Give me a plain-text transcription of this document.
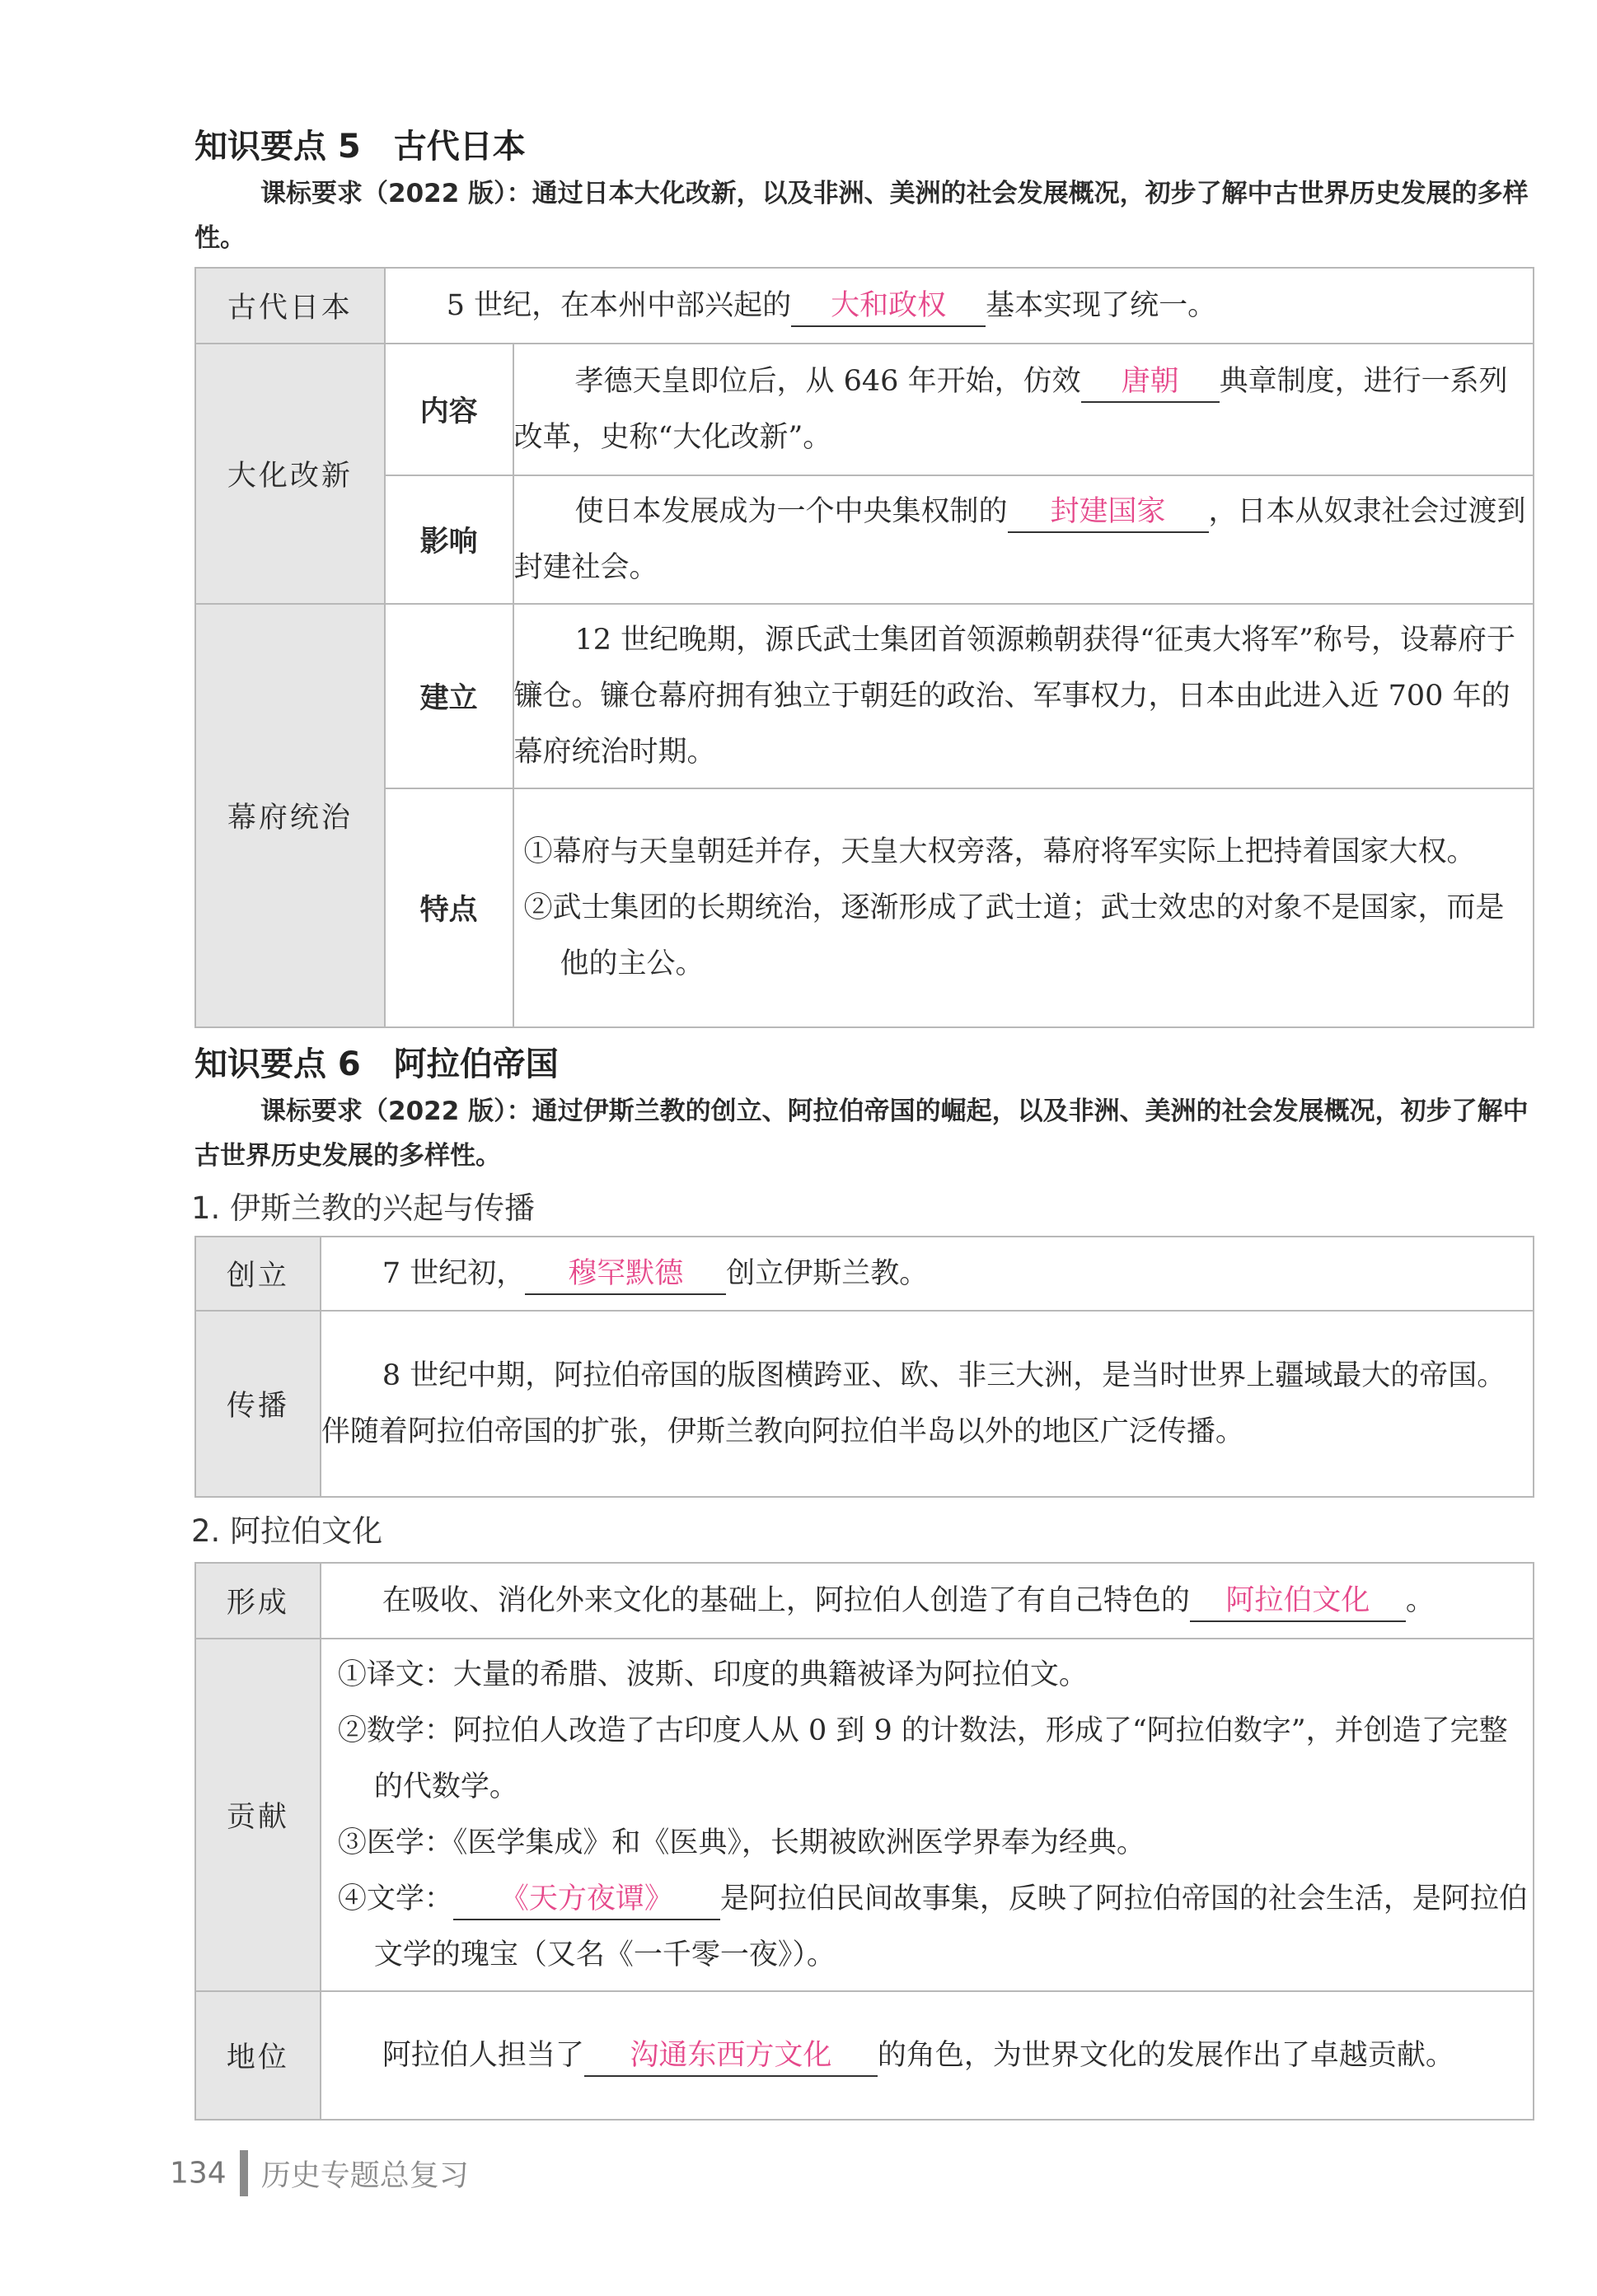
知识要点 5 古代日本
课标要求（2022 版）：通过日本大化改新，以及非洲、美洲的社会发展概况，初步了解中古世界历史发展的多样性。
古代日本	5 世纪，在本州中部兴起的 大和政权 基本实现了统一。	

大化改新	内容	孝德天皇即位后，从 646 年开始，仿效 唐朝 典章制度，进行一系列改革，史称“大化改新”。

	影响	使日本发展成为一个中央集权制的 封建国家 ，日本从奴隶社会过渡到封建社会。

幕府统治	建立	12 世纪晚期，源氏武士集团首领源赖朝获得“征夷大将军”称号，设幕府于镰仓。镰仓幕府拥有独立于朝廷的政治、军事权力，日本由此进入近 700 年的幕府统治时期。

	特点	①幕府与天皇朝廷并存，天皇大权旁落，幕府将军实际上把持着国家大权。
②武士集团的长期统治，逐渐形成了武士道；武士效忠的对象不是国家，而是他的主公。
知识要点 6 阿拉伯帝国
课标要求（2022 版）：通过伊斯兰教的创立、阿拉伯帝国的崛起，以及非洲、美洲的社会发展概况，初步了解中古世界历史发展的多样性。
1. 伊斯兰教的兴起与传播
创立	7 世纪初， 穆罕默德 创立伊斯兰教。

传播	8 世纪中期，阿拉伯帝国的版图横跨亚、欧、非三大洲，是当时世界上疆域最大的帝国。伴随着阿拉伯帝国的扩张，伊斯兰教向阿拉伯半岛以外的地区广泛传播。
2. 阿拉伯文化
形成	在吸收、消化外来文化的基础上，阿拉伯人创造了有自己特色的 阿拉伯文化 。

贡献	①译文：大量的希腊、波斯、印度的典籍被译为阿拉伯文。
②数学：阿拉伯人改造了古印度人从 0 到 9 的计数法，形成了“阿拉伯数字”，并创造了完整的代数学。
③医学：《医学集成》和《医典》，长期被欧洲医学界奉为经典。
④文学： 《天方夜谭》 是阿拉伯民间故事集，反映了阿拉伯帝国的社会生活，是阿拉伯文学的瑰宝（又名《一千零一夜》）。

地位	阿拉伯人担当了 沟通东西方文化 的角色，为世界文化的发展作出了卓越贡献。
134 历史专题总复习
